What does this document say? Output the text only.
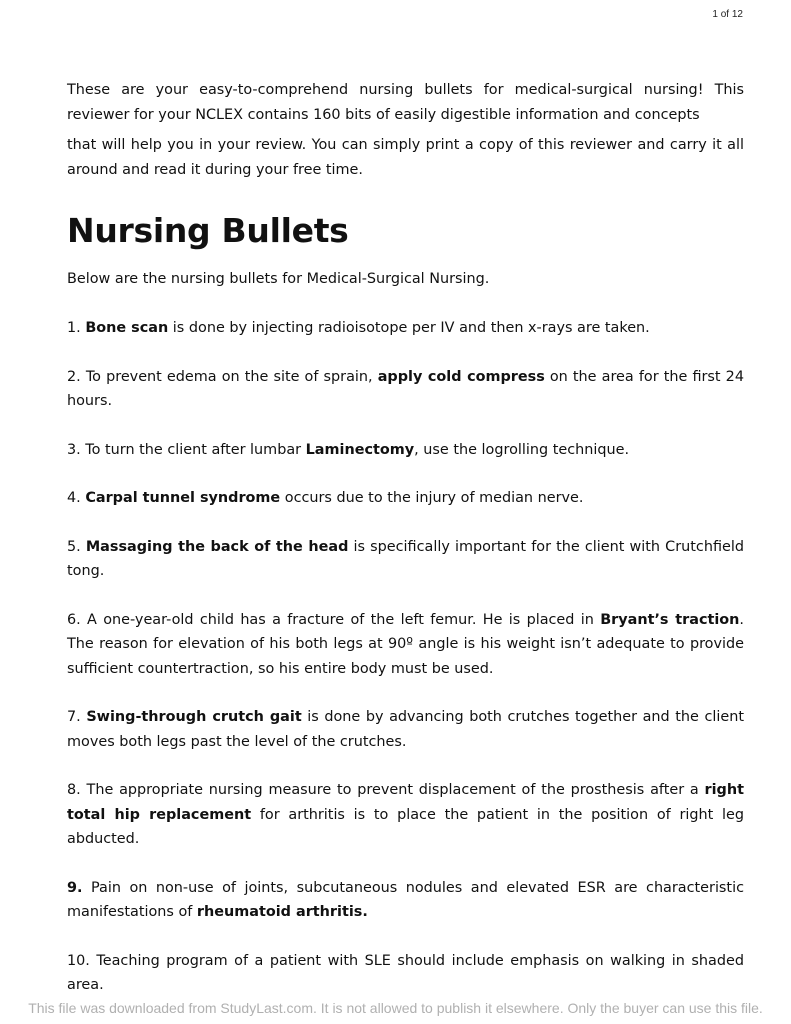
1 of 12

These are your easy-to-comprehend nursing bullets for medical-surgical nursing! This reviewer for your NCLEX contains 160 bits of easily digestible information and concepts
that will help you in your review. You can simply print a copy of this reviewer and carry it all around and read it during your free time.

Nursing Bullets

Below are the nursing bullets for Medical-Surgical Nursing.

1. Bone scan is done by injecting radioisotope per IV and then x-rays are taken.

2. To prevent edema on the site of sprain, apply cold compress on the area for the first 24 hours.

3. To turn the client after lumbar Laminectomy, use the logrolling technique.

4. Carpal tunnel syndrome occurs due to the injury of median nerve.

5. Massaging the back of the head is specifically important for the client with Crutchfield tong.

6. A one-year-old child has a fracture of the left femur. He is placed in Bryant’s traction. The reason for elevation of his both legs at 90º angle is his weight isn’t adequate to provide sufficient countertraction, so his entire body must be used.

7. Swing-through crutch gait is done by advancing both crutches together and the client moves both legs past the level of the crutches.

8. The appropriate nursing measure to prevent displacement of the prosthesis after a right total hip replacement for arthritis is to place the patient in the position of right leg abducted.

9. Pain on non-use of joints, subcutaneous nodules and elevated ESR are characteristic manifestations of rheumatoid arthritis.

10. Teaching program of a patient with SLE should include emphasis on walking in shaded area.

This file was downloaded from StudyLast.com. It is not allowed to publish it elsewhere. Only the buyer can use this file.
